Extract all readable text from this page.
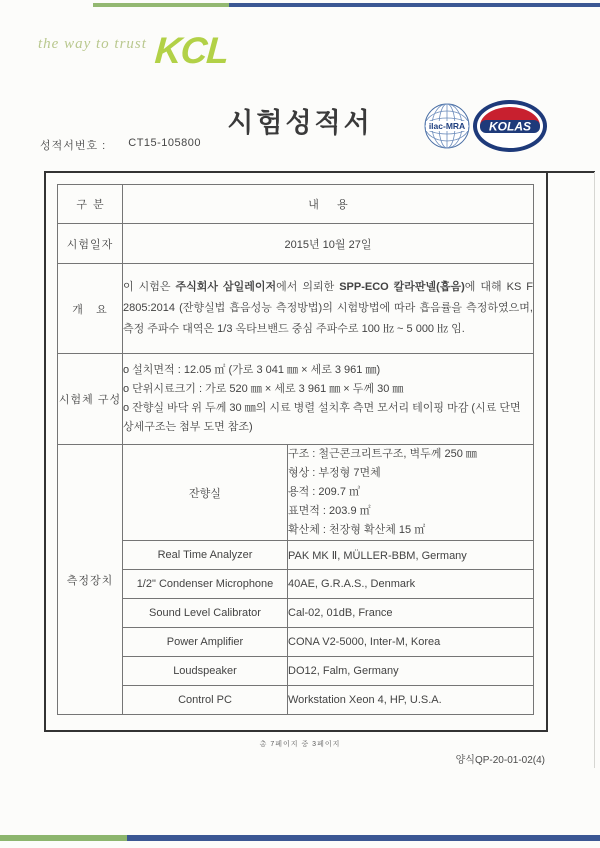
the way to trust KCL
시험성적서
성적서번호 : CT15-105800
ilac-MRA KOLAS
구  분	내      용	
시험일자	2015년 10월 27일	
개   요	이 시험은 주식회사 삼일레이저에서 의뢰한 SPP-ECO 칼라판넬(흡음)에 대해 KS F 2805:2014 (잔향실법 흡음성능 측정방법)의 시험방법에 따라 흡음률을 측정하였으며, 측정 주파수 대역은 1/3 옥타브밴드 중심 주파수로 100 ㎐ ~ 5 000 ㎐ 임.	
시험체 구성	o 설치면적 : 12.05 ㎡ (가로 3 041 ㎜ × 세로 3 961 ㎜)
o 단위시료크기 : 가로 520 ㎜ × 세로 3 961 ㎜ × 두께 30 ㎜
o 잔향실 바닥 위 두께 30 ㎜의 시료 병렬 설치후 측면 모서리 테이핑 마감 (시료 단면 상세구조는 첨부 도면 참조)	

측정장치	잔향실	구조 : 철근콘크리트구조, 벽두께 250 ㎜
형상 : 부정형 7면체
용적 : 209.7 ㎥
표면적 : 203.9 ㎡
확산체 : 천장형 확산체 15 ㎡

	Real Time Analyzer	PAK MK Ⅱ, MÜLLER-BBM, Germany
	1/2" Condenser Microphone	40AE, G.R.A.S., Denmark
	Sound Level Calibrator	Cal-02, 01dB, France
	Power Amplifier	CONA V2-5000, Inter-M, Korea
	Loudspeaker	DO12, Falm, Germany
	Control PC	Workstation Xeon 4, HP, U.S.A.
총 7페이지 중 3페이지
양식QP-20-01-02(4)
